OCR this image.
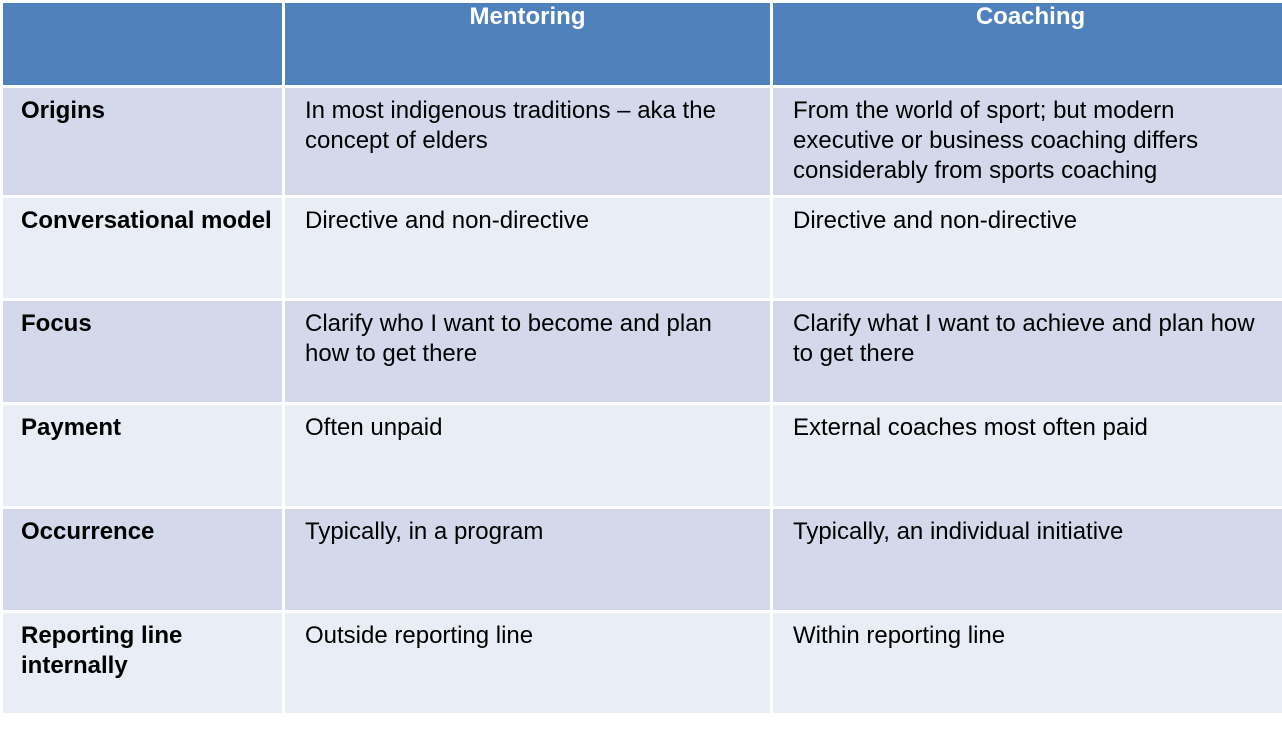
	Mentoring	Coaching
Origins	In most indigenous traditions – aka the concept of elders	From the world of sport; but modern executive or business coaching differs considerably from sports coaching
Conversational model	Directive and non-directive	Directive and non-directive
Focus	Clarify who I want to become and plan how to get there	Clarify what I want to achieve and plan how to get there
Payment	Often unpaid	External coaches most often paid
Occurrence	Typically, in a program	Typically, an individual initiative
Reporting line internally	Outside reporting line	Within reporting line
